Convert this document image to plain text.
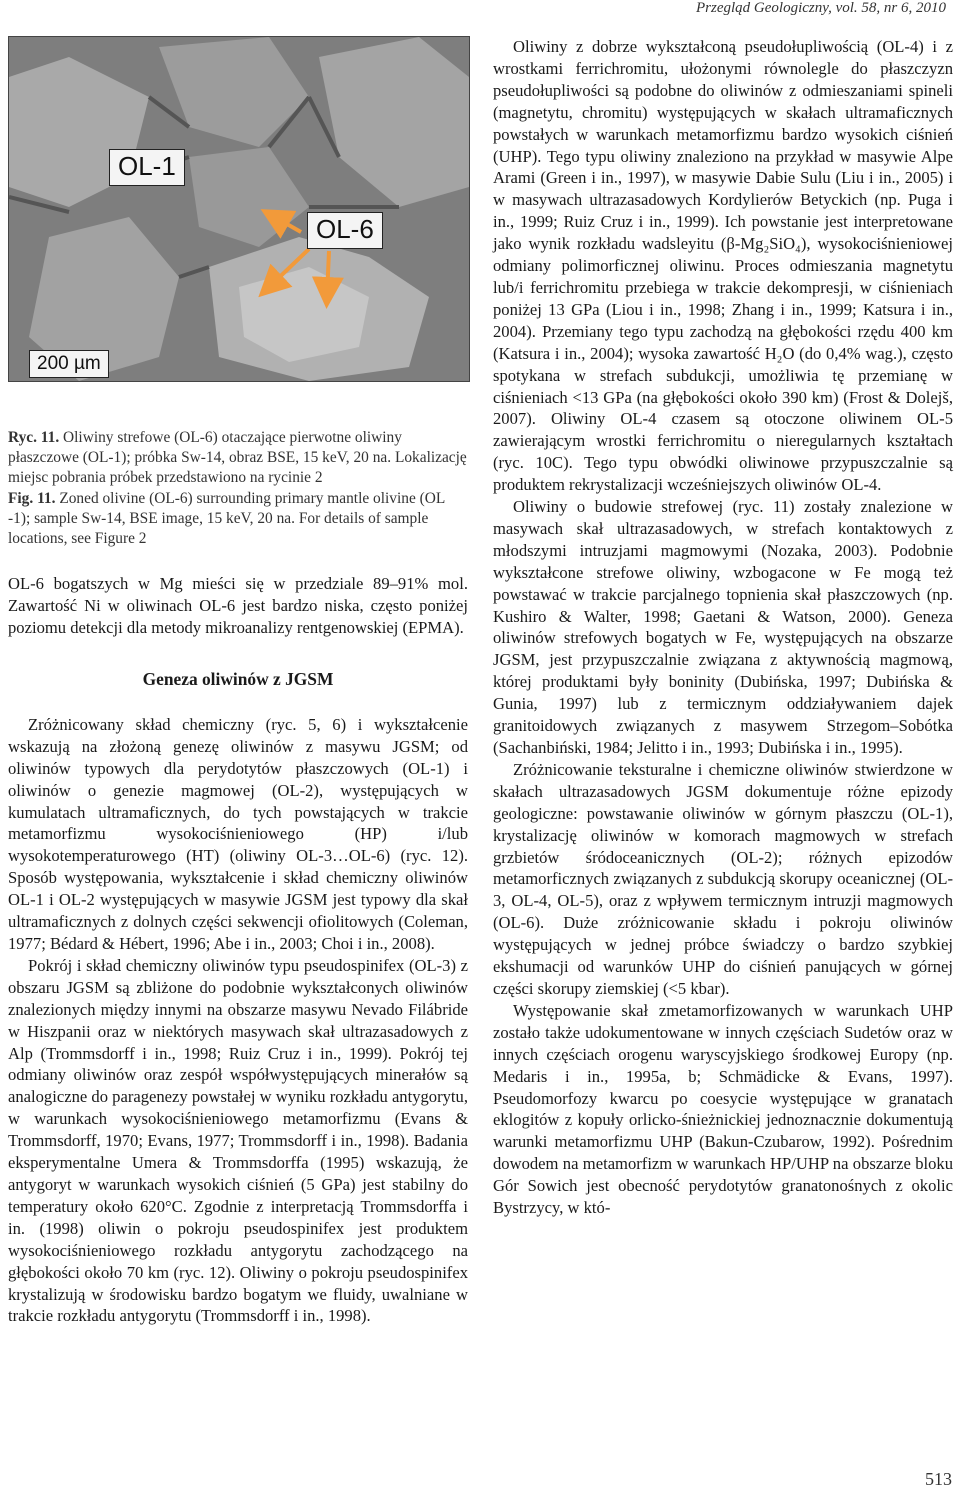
Przegląd Geologiczny, vol. 58, nr 6, 2010
OL-1
OL-6
200 µm
Ryc. 11. Oliwiny strefowe (OL-6) otaczające pierwotne oliwiny płaszczowe (OL-1); próbka Sw-14, obraz BSE, 15 keV, 20 na. Lokalizację miejsc pobrania próbek przedstawiono na rycinie 2
Fig. 11. Zoned olivine (OL-6) surrounding primary mantle olivine (OL -1); sample Sw-14, BSE image, 15 keV, 20 na. For details of sample locations, see Figure 2

OL-6 bogatszych w Mg mieści się w przedziale 89–91% mol. Zawartość Ni w oliwinach OL-6 jest bardzo niska, często poniżej poziomu detekcji dla metody mikroanalizy rentgenowskiej (EPMA).

Geneza oliwinów z JGSM

Zróżnicowany skład chemiczny (ryc. 5, 6) i wykształcenie wskazują na złożoną genezę oliwinów z masywu JGSM; od oliwinów typowych dla perydotytów płaszczowych (OL-1) i oliwinów o genezie magmowej (OL-2), występujących w kumulatach ultramaficznych, do tych powstających w trakcie metamorfizmu wysokociśnieniowego (HP) i/lub wysokotemperaturowego (HT) (oliwiny OL-3…OL-6) (ryc. 12). Sposób występowania, wykształcenie i skład chemiczny oliwinów OL-1 i OL-2 występujących w masywie JGSM jest typowy dla skał ultramaficznych z dolnych części sekwencji ofiolitowych (Coleman, 1977; Bédard & Hébert, 1996; Abe i in., 2003; Choi i in., 2008).

Pokrój i skład chemiczny oliwinów typu pseudospinifex (OL-3) z obszaru JGSM są zbliżone do podobnie wykształconych oliwinów znalezionych między innymi na obszarze masywu Nevado Filábride w Hiszpanii oraz w niektórych masywach skał ultrazasadowych z Alp (Trommsdorff i in., 1998; Ruiz Cruz i in., 1999). Pokrój tej odmiany oliwinów oraz zespół współwystępujących minerałów są analogiczne do paragenezy powstałej w wyniku rozkładu antygorytu, w warunkach wysokociśnieniowego metamorfizmu (Evans & Trommsdorff, 1970; Evans, 1977; Trommsdorff i in., 1998). Badania eksperymentalne Umera & Trommsdorffa (1995) wskazują, że antygoryt w warunkach wysokich ciśnień (5 GPa) jest stabilny do temperatury około 620°C. Zgodnie z interpretacją Trommsdorffa i in. (1998) oliwin o pokroju pseudospinifex jest produktem wysokociśnieniowego rozkładu antygorytu zachodzącego na głębokości około 70 km (ryc. 12). Oliwiny o pokroju pseudospinifex krystalizują w środowisku bardzo bogatym we fluidy, uwalniane w trakcie rozkładu antygorytu (Trommsdorff i in., 1998).

Oliwiny z dobrze wykształconą pseudołupliwością (OL-4) i z wrostkami ferrichromitu, ułożonymi równolegle do płaszczyzn pseudołupliwości są podobne do oliwinów z odmieszaniami spineli (magnetytu, chromitu) występujących w skałach ultramaficznych powstałych w warunkach metamorfizmu bardzo wysokich ciśnień (UHP). Tego typu oliwiny znaleziono na przykład w masywie Alpe Arami (Green i in., 1997), w masywie Dabie Sulu (Liu i in., 2005) i w masywach ultrazasadowych Kordylierów Betyckich (np. Puga i in., 1999; Ruiz Cruz i in., 1999). Ich powstanie jest interpretowane jako wynik rozkładu wadsleyitu (β-Mg₂SiO₄), wysokociśnieniowej odmiany polimorficznej oliwinu. Proces odmieszania magnetytu lub/i ferrichromitu przebiega w trakcie dekompresji, w ciśnieniach poniżej 13 GPa (Liou i in., 1998; Zhang i in., 1999; Katsura i in., 2004). Przemiany tego typu zachodzą na głębokości rzędu 400 km (Katsura i in., 2004); wysoka zawartość H₂O (do 0,4% wag.), często spotykana w strefach subdukcji, umożliwia tę przemianę w ciśnieniach <13 GPa (na głębokości około 390 km) (Frost & Dolejš, 2007). Oliwiny OL-4 czasem są otoczone oliwinem OL-5 zawierającym wrostki ferrichromitu o nieregularnych kształtach (ryc. 10C). Tego typu obwódki oliwinowe przypuszczalnie są produktem rekrystalizacji wcześniejszych oliwinów OL-4.

Oliwiny o budowie strefowej (ryc. 11) zostały znalezione w masywach skał ultrazasadowych, w strefach kontaktowych z młodszymi intruzjami magmowymi (Nozaka, 2003). Podobnie wykształcone strefowe oliwiny, wzbogacone w Fe mogą też powstawać w trakcie parcjalnego topnienia skał płaszczowych (np. Kushiro & Walter, 1998; Gaetani & Watson, 2000). Geneza oliwinów strefowych bogatych w Fe, występujących na obszarze JGSM, jest przypuszczalnie związana z aktywnością magmową, której produktami były boninity (Dubińska, 1997; Dubińska & Gunia, 1997) lub z termicznym oddziaływaniem dajek granitoidowych związanych z masywem Strzegom–Sobótka (Sachanbiński, 1984; Jelitto i in., 1993; Dubińska i in., 1995).

Zróżnicowanie teksturalne i chemiczne oliwinów stwierdzone w skałach ultrazasadowych JGSM dokumentuje różne epizody geologiczne: powstawanie oliwinów w górnym płaszczu (OL-1), krystalizację oliwinów w komorach magmowych w strefach grzbietów śródoceanicznych (OL-2); różnych epizodów metamorficznych związanych z subdukcją skorupy oceanicznej (OL-3, OL-4, OL-5), oraz z wpływem termicznym intruzji magmowych (OL-6). Duże zróżnicowanie składu i pokroju oliwinów występujących w jednej próbce świadczy o bardzo szybkiej ekshumacji od warunków UHP do ciśnień panujących w górnej części skorupy ziemskiej (<5 kbar).

Występowanie skał zmetamorfizowanych w warunkach UHP zostało także udokumentowane w innych częściach Sudetów oraz w innych częściach orogenu waryscyjskiego środkowej Europy (np. Medaris i in., 1995a, b; Schmädicke & Evans, 1997). Pseudomorfozy kwarcu po coesycie występujące w granatach eklogitów z kopuły orlicko-śnieżnickiej jednoznacznie dokumentują warunki metamorfizmu UHP (Bakun-Czubarow, 1992). Pośrednim dowodem na metamorfizm w warunkach HP/UHP na obszarze bloku Gór Sowich jest obecność perydotytów granatonośnych z okolic Bystrzycy, w któ-

513
